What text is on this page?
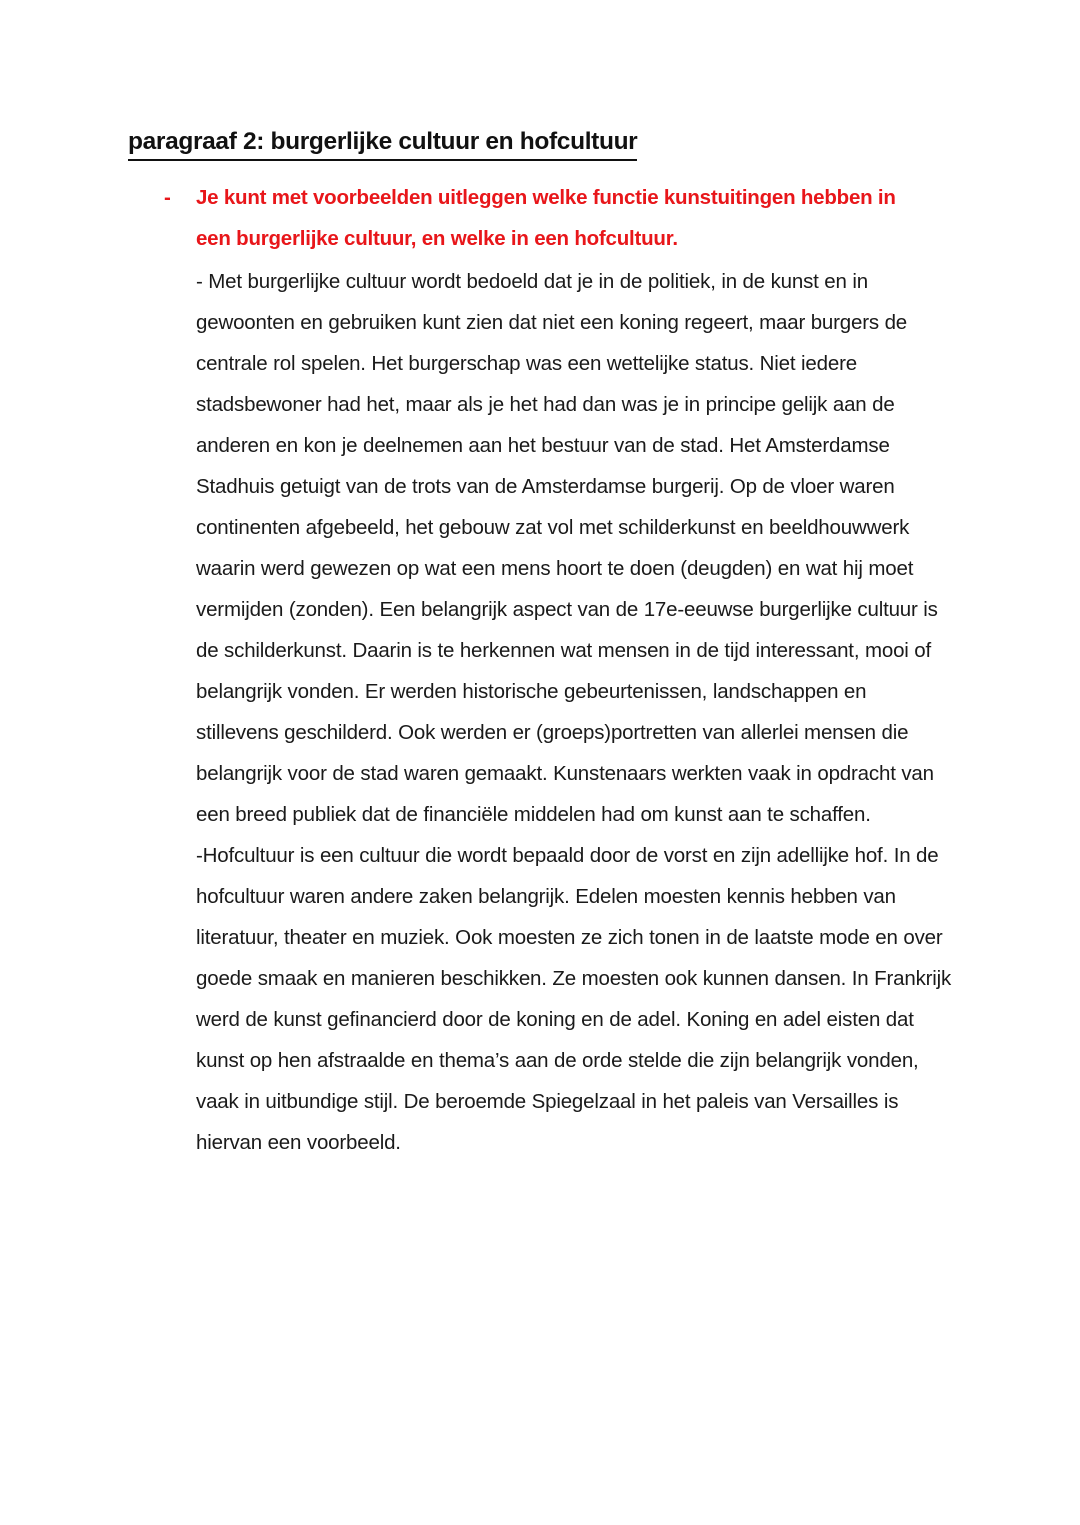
paragraaf 2: burgerlijke cultuur en hofcultuur
- Je kunt met voorbeelden uitleggen welke functie kunstuitingen hebben in een burgerlijke cultuur, en welke in een hofcultuur.

- Met burgerlijke cultuur wordt bedoeld dat je in de politiek, in de kunst en in gewoonten en gebruiken kunt zien dat niet een koning regeert, maar burgers de centrale rol spelen. Het burgerschap was een wettelijke status. Niet iedere stadsbewoner had het, maar als je het had dan was je in principe gelijk aan de anderen en kon je deelnemen aan het bestuur van de stad. Het Amsterdamse Stadhuis getuigt van de trots van de Amsterdamse burgerij. Op de vloer waren continenten afgebeeld, het gebouw zat vol met schilderkunst en beeldhouwwerk waarin werd gewezen op wat een mens hoort te doen (deugden) en wat hij moet vermijden (zonden). Een belangrijk aspect van de 17e-eeuwse burgerlijke cultuur is de schilderkunst. Daarin is te herkennen wat mensen in de tijd interessant, mooi of belangrijk vonden. Er werden historische gebeurtenissen, landschappen en stillevens geschilderd. Ook werden er (groeps)portretten van allerlei mensen die belangrijk voor de stad waren gemaakt. Kunstenaars werkten vaak in opdracht van een breed publiek dat de financiële middelen had om kunst aan te schaffen.

-Hofcultuur is een cultuur die wordt bepaald door de vorst en zijn adellijke hof. In de hofcultuur waren andere zaken belangrijk. Edelen moesten kennis hebben van literatuur, theater en muziek. Ook moesten ze zich tonen in de laatste mode en over goede smaak en manieren beschikken. Ze moesten ook kunnen dansen. In Frankrijk werd de kunst gefinancierd door de koning en de adel. Koning en adel eisten dat kunst op hen afstraalde en thema’s aan de orde stelde die zijn belangrijk vonden, vaak in uitbundige stijl. De beroemde Spiegelzaal in het paleis van Versailles is hiervan een voorbeeld.
